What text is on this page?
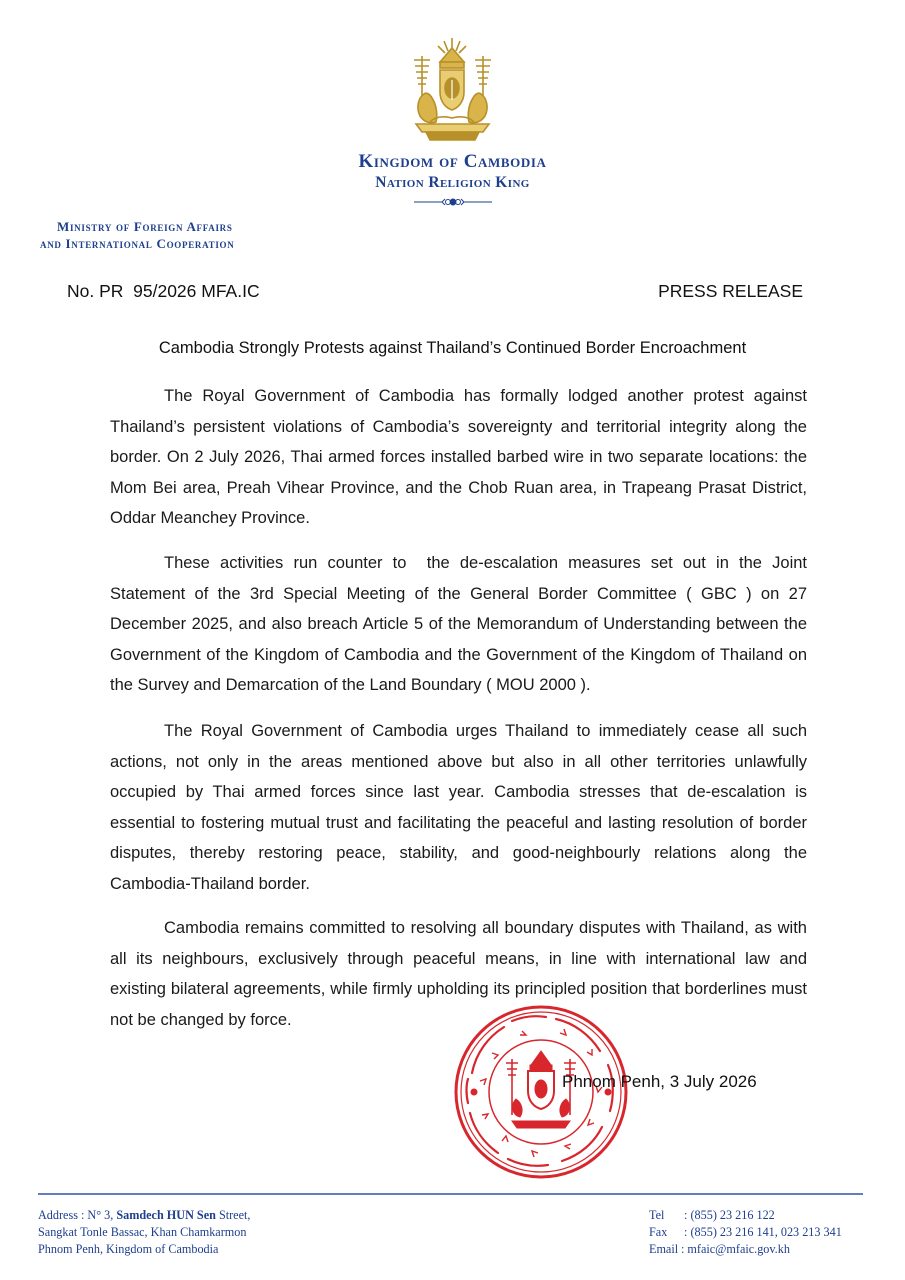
Kingdom of Cambodia
Nation Religion King
Ministry of Foreign Affairs
and International Cooperation
No. PR  95/2026 MFA.IC	PRESS RELEASE
Cambodia Strongly Protests against Thailand’s Continued Border Encroachment

The Royal Government of Cambodia has formally lodged another protest against Thailand’s persistent violations of Cambodia’s sovereignty and territorial integrity along the border. On 2 July 2026, Thai armed forces installed barbed wire in two separate locations: the Mom Bei area, Preah Vihear Province, and the Chob Ruan area, in Trapeang Prasat District, Oddar Meanchey Province.

These activities run counter to  the de-escalation measures set out in the Joint Statement of the 3rd Special Meeting of the General Border Committee ( GBC ) on 27 December 2025, and also breach Article 5 of the Memorandum of Understanding between the Government of the Kingdom of Cambodia and the Government of the Kingdom of Thailand on the Survey and Demarcation of the Land Boundary ( MOU 2000 ).

The Royal Government of Cambodia urges Thailand to immediately cease all such actions, not only in the areas mentioned above but also in all other territories unlawfully occupied by Thai armed forces since last year. Cambodia stresses that de-escalation is essential to fostering mutual trust and facilitating the peaceful and lasting resolution of border disputes, thereby restoring peace, stability, and good-neighbourly relations along the Cambodia-Thailand border.

Cambodia remains committed to resolving all boundary disputes with Thailand, as with all its neighbours, exclusively through peaceful means, in line with international law and existing bilateral agreements, while firmly upholding its principled position that borderlines must not be changed by force.

Phnom Penh, 3 July 2026
Address : N° 3, Samdech HUN Sen Street,
Sangkat Tonle Bassac, Khan Chamkarmon
Phnom Penh, Kingdom of Cambodia
Tel : (855) 23 216 122
Fax : (855) 23 216 141, 023 213 341
Email : mfaic@mfaic.gov.kh
